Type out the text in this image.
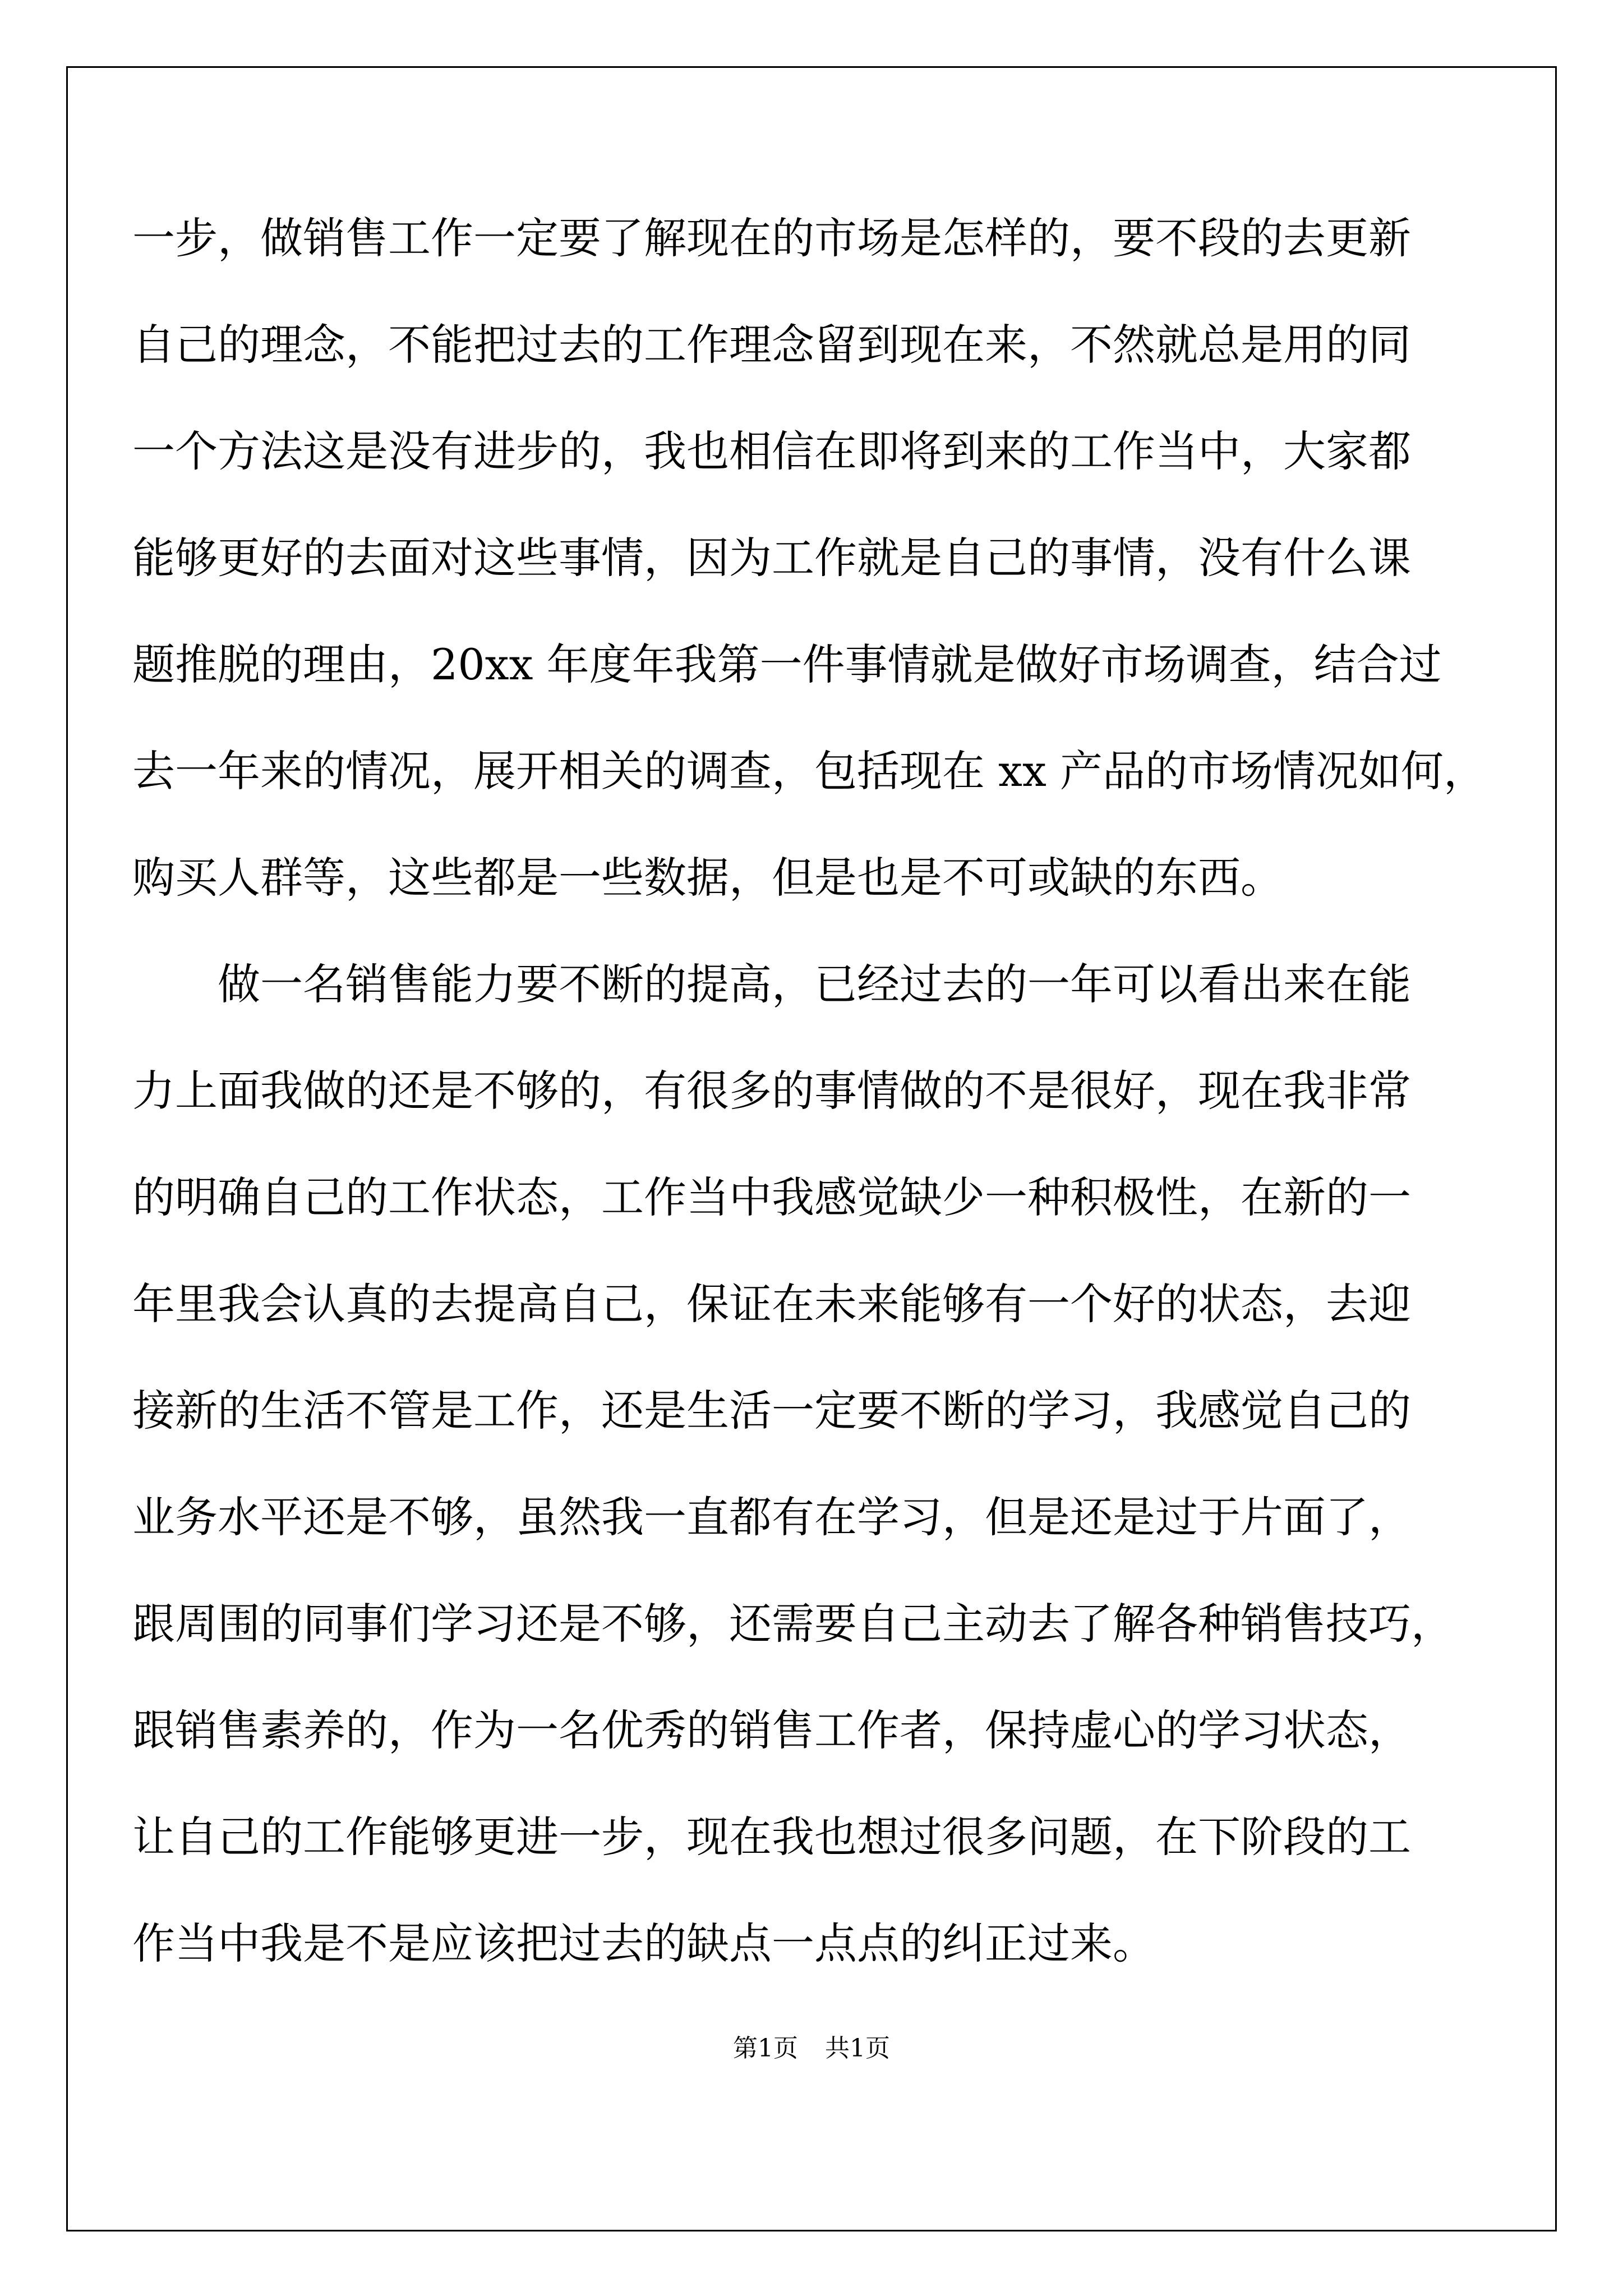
一步，做销售工作一定要了解现在的市场是怎样的，要不段的去更新
自己的理念，不能把过去的工作理念留到现在来，不然就总是用的同
一个方法这是没有进步的，我也相信在即将到来的工作当中，大家都
能够更好的去面对这些事情，因为工作就是自己的事情，没有什么课
题推脱的理由，20xx 年度年我第一件事情就是做好市场调查，结合过
去一年来的情况，展开相关的调查，包括现在 xx 产品的市场情况如何，
购买人群等，这些都是一些数据，但是也是不可或缺的东西。
做一名销售能力要不断的提高，已经过去的一年可以看出来在能
力上面我做的还是不够的，有很多的事情做的不是很好，现在我非常
的明确自己的工作状态，工作当中我感觉缺少一种积极性，在新的一
年里我会认真的去提高自己，保证在未来能够有一个好的状态，去迎
接新的生活不管是工作，还是生活一定要不断的学习，我感觉自己的
业务水平还是不够，虽然我一直都有在学习，但是还是过于片面了，
跟周围的同事们学习还是不够，还需要自己主动去了解各种销售技巧，
跟销售素养的，作为一名优秀的销售工作者，保持虚心的学习状态，
让自己的工作能够更进一步，现在我也想过很多问题，在下阶段的工
作当中我是不是应该把过去的缺点一点点的纠正过来。
第1页 共1页
